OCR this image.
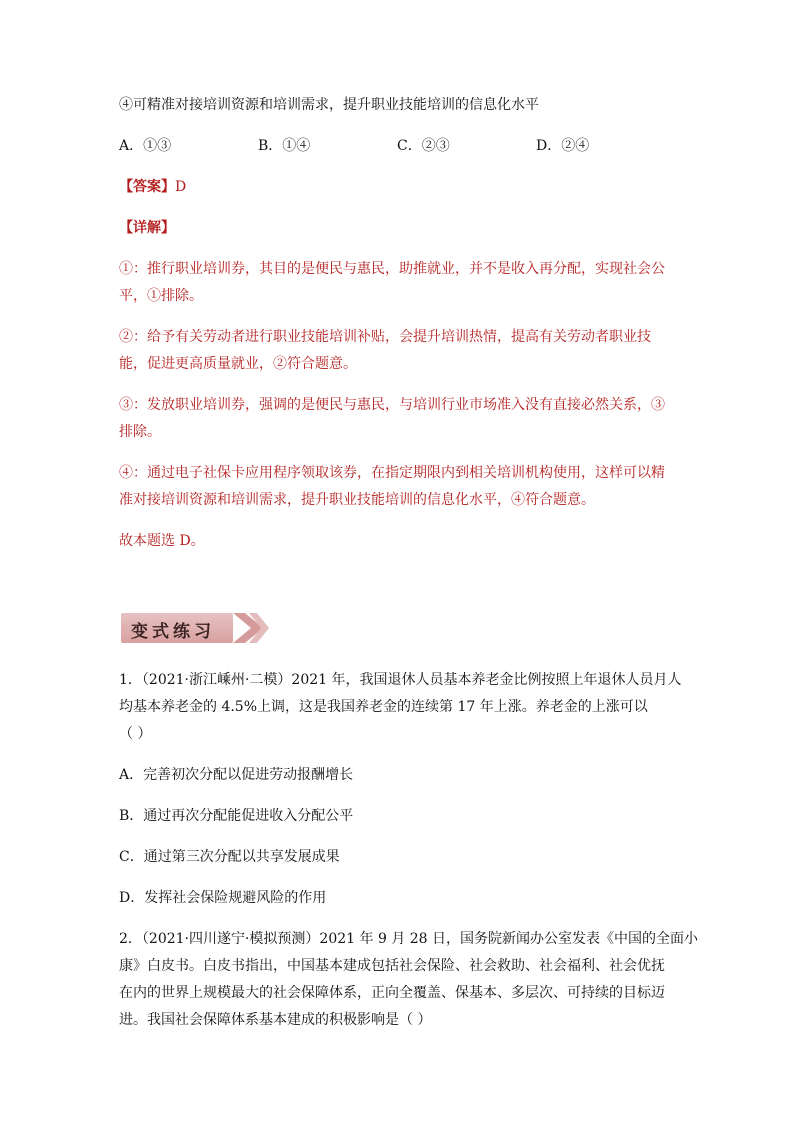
④可精准对接培训资源和培训需求，提升职业技能培训的信息化水平
A．①③	B．①④	C．②③	D．②④
【答案】D
【详解】
①：推行职业培训券，其目的是便民与惠民，助推就业，并不是收入再分配，实现社会公
平，①排除。
②：给予有关劳动者进行职业技能培训补贴，会提升培训热情，提高有关劳动者职业技
能，促进更高质量就业，②符合题意。
③：发放职业培训券，强调的是便民与惠民，与培训行业市场准入没有直接必然关系，③
排除。
④：通过电子社保卡应用程序领取该券，在指定期限内到相关培训机构使用，这样可以精
准对接培训资源和培训需求，提升职业技能培训的信息化水平，④符合题意。
故本题选 D。
变式练习
1．（2021·浙江嵊州·二模）2021 年，我国退休人员基本养老金比例按照上年退休人员月人
均基本养老金的 4.5%上调，这是我国养老金的连续第 17 年上涨。养老金的上涨可以
（ ）
A．完善初次分配以促进劳动报酬增长
B．通过再次分配能促进收入分配公平
C．通过第三次分配以共享发展成果
D．发挥社会保险规避风险的作用
2．（2021·四川遂宁·模拟预测）2021 年 9 月 28 日，国务院新闻办公室发表《中国的全面小
康》白皮书。白皮书指出，中国基本建成包括社会保险、社会救助、社会福利、社会优抚
在内的世界上规模最大的社会保障体系，正向全覆盖、保基本、多层次、可持续的目标迈
进。我国社会保障体系基本建成的积极影响是（ ）
